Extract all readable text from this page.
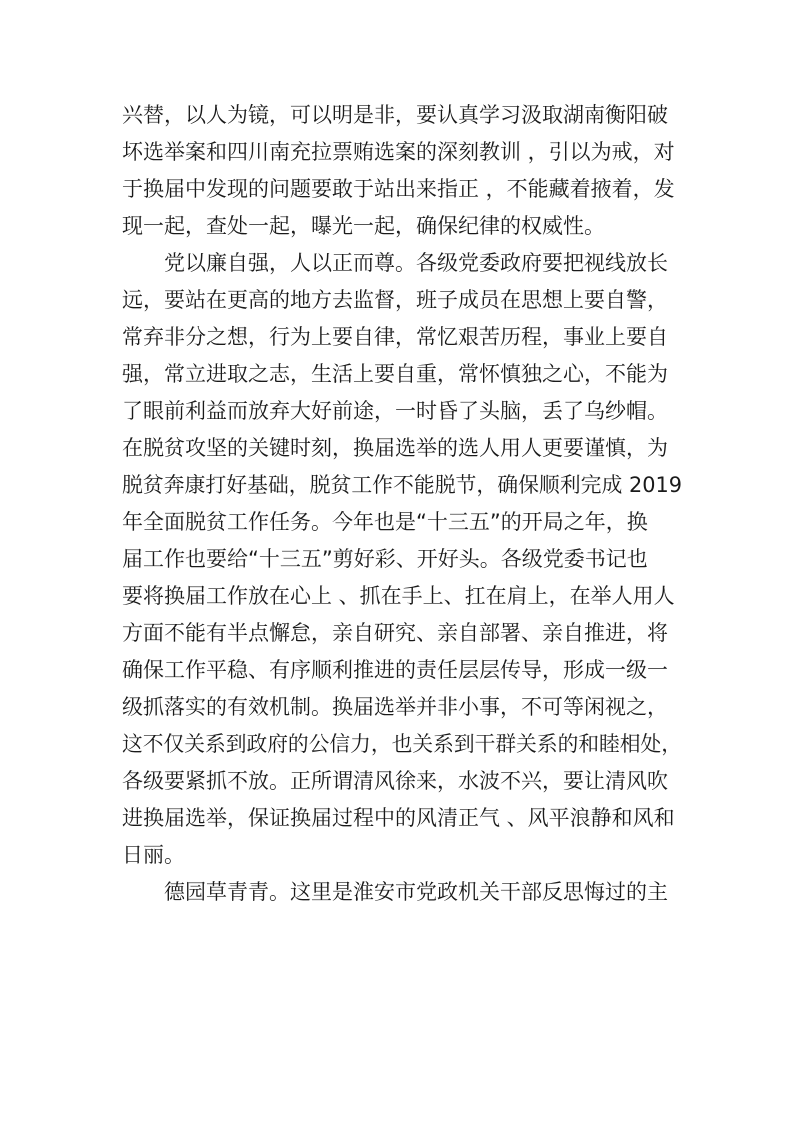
兴替，以人为镜，可以明是非，要认真学习汲取湖南衡阳破
坏选举案和四川南充拉票贿选案的深刻教训 ，引以为戒，对
于换届中发现的问题要敢于站出来指正 ，不能藏着掖着，发
现一起，查处一起，曝光一起，确保纪律的权威性。
党以廉自强，人以正而尊。各级党委政府要把视线放长
远，要站在更高的地方去监督，班子成员在思想上要自警，
常弃非分之想，行为上要自律，常忆艰苦历程，事业上要自
强，常立进取之志，生活上要自重，常怀慎独之心，不能为
了眼前利益而放弃大好前途，一时昏了头脑，丢了乌纱帽。
在脱贫攻坚的关键时刻，换届选举的选人用人更要谨慎，为
脱贫奔康打好基础，脱贫工作不能脱节，确保顺利完成 2019
年全面脱贫工作任务。今年也是“十三五”的开局之年，换
届工作也要给“十三五”剪好彩、开好头。各级党委书记也
要将换届工作放在心上 、抓在手上、扛在肩上，在举人用人
方面不能有半点懈怠，亲自研究、亲自部署、亲自推进，将
确保工作平稳、有序顺利推进的责任层层传导，形成一级一
级抓落实的有效机制。换届选举并非小事，不可等闲视之，
这不仅关系到政府的公信力，也关系到干群关系的和睦相处，
各级要紧抓不放。正所谓清风徐来，水波不兴，要让清风吹
进换届选举，保证换届过程中的风清正气 、风平浪静和风和
日丽。
德园草青青。这里是淮安市党政机关干部反思悔过的主
